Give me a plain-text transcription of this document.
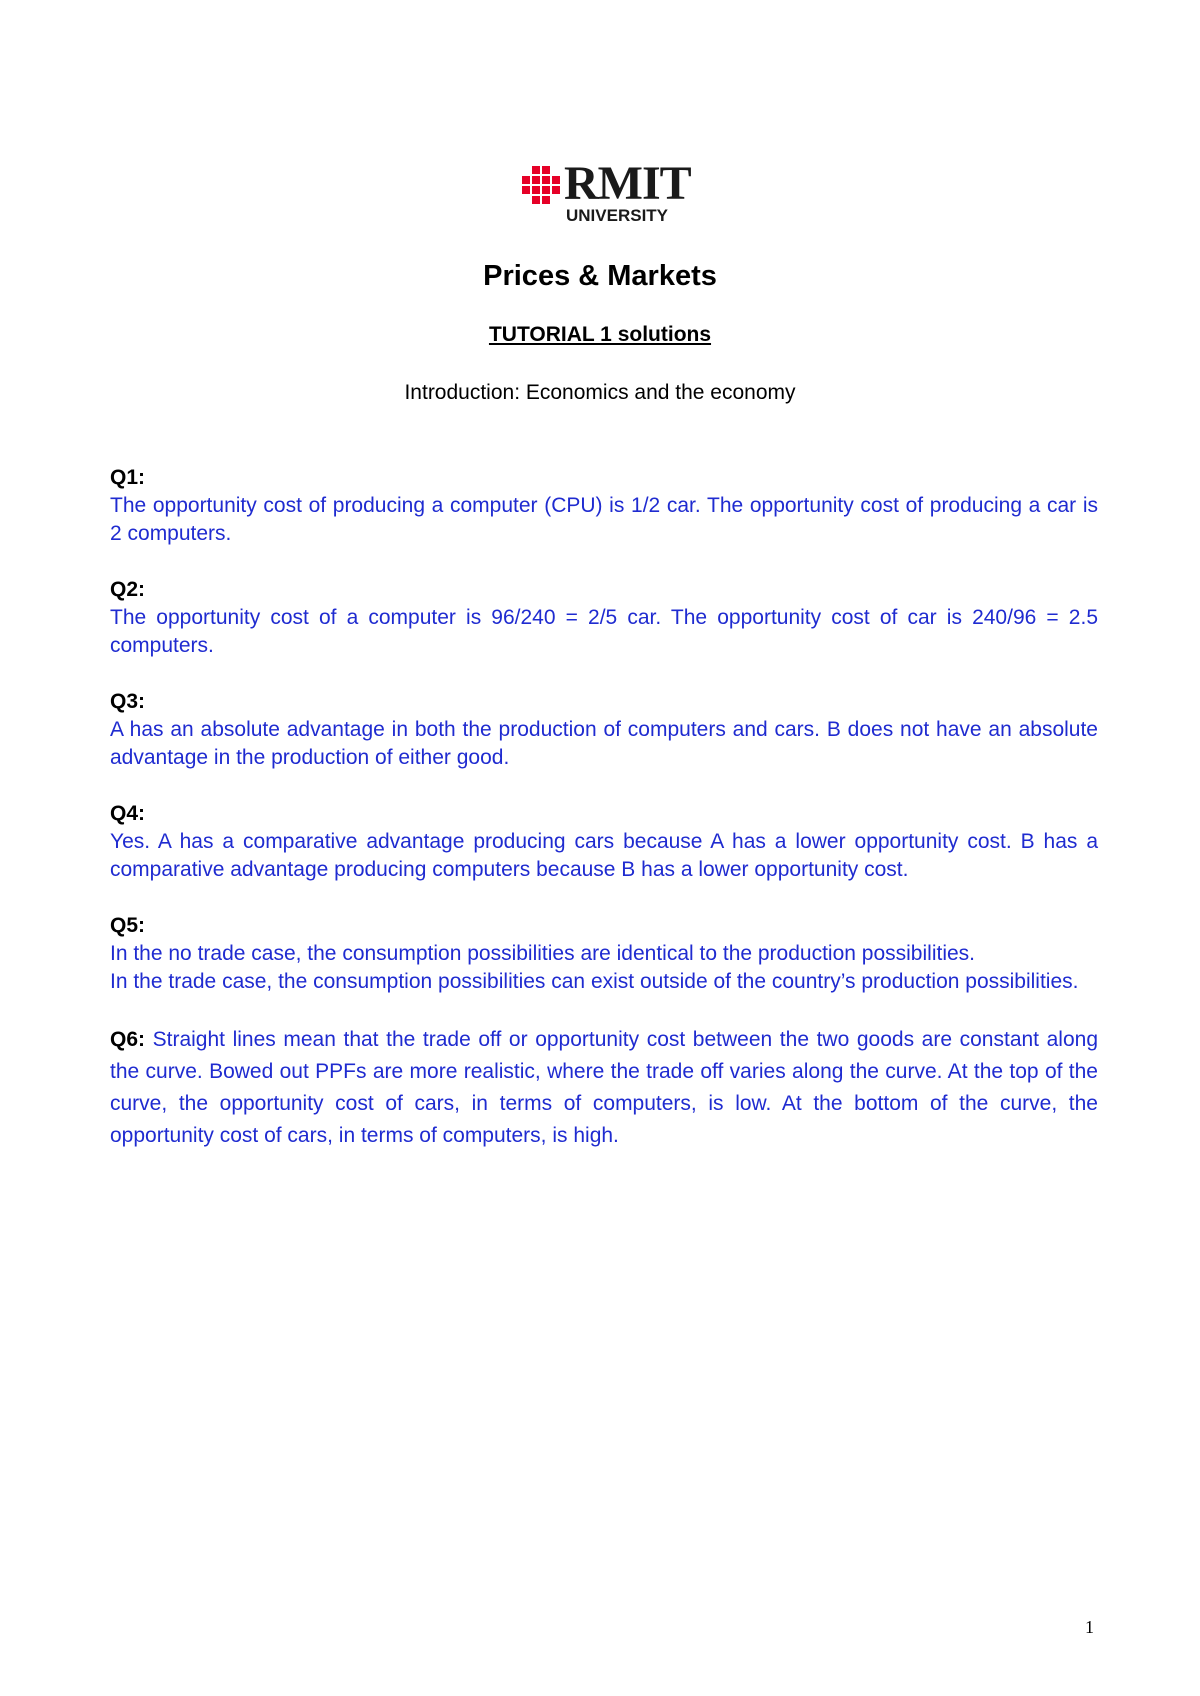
RMIT
UNIVERSITY
Prices & Markets
TUTORIAL 1 solutions
Introduction: Economics and the economy
Q1:

The opportunity cost of producing a computer (CPU) is 1/2 car. The opportunity cost of producing a car is 2 computers.

Q2:

The opportunity cost of a computer is 96/240 = 2/5 car. The opportunity cost of car is 240/96 = 2.5 computers.

Q3:

A has an absolute advantage in both the production of computers and cars. B does not have an absolute advantage in the production of either good.

Q4:

Yes. A has a comparative advantage producing cars because A has a lower opportunity cost. B has a comparative advantage producing computers because B has a lower opportunity cost.

Q5:

In the no trade case, the consumption possibilities are identical to the production possibilities.

In the trade case, the consumption possibilities can exist outside of the country’s production possibilities.

Q6: Straight lines mean that the trade off or opportunity cost between the two goods are constant along the curve. Bowed out PPFs are more realistic, where the trade off varies along the curve. At the top of the curve, the opportunity cost of cars, in terms of computers, is low. At the bottom of the curve, the opportunity cost of cars, in terms of computers, is high.
1
